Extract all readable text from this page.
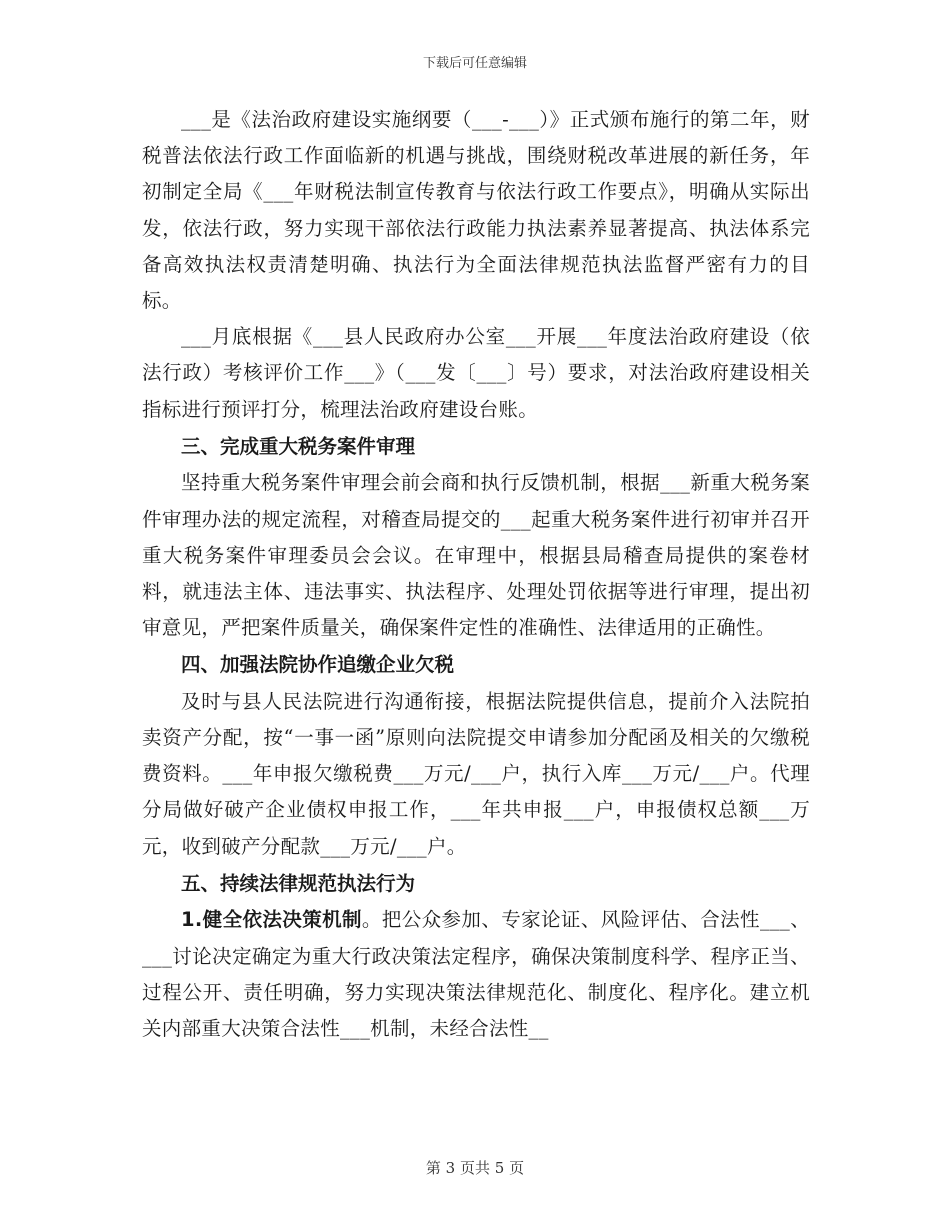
下载后可任意编辑

___是《法治政府建设实施纲要（___-___）》正式颁布施行的第二年，财税普法依法行政工作面临新的机遇与挑战，围绕财税改革进展的新任务，年初制定全局《___年财税法制宣传教育与依法行政工作要点》，明确从实际出发，依法行政，努力实现干部依法行政能力执法素养显著提高、执法体系完备高效执法权责清楚明确、执法行为全面法律规范执法监督严密有力的目标。

___月底根据《___县人民政府办公室___开展___年度法治政府建设（依法行政）考核评价工作___》（___发〔___〕号）要求，对法治政府建设相关指标进行预评打分，梳理法治政府建设台账。

三、完成重大税务案件审理

坚持重大税务案件审理会前会商和执行反馈机制，根据___新重大税务案件审理办法的规定流程，对稽查局提交的___起重大税务案件进行初审并召开重大税务案件审理委员会会议。在审理中，根据县局稽查局提供的案卷材料，就违法主体、违法事实、执法程序、处理处罚依据等进行审理，提出初审意见，严把案件质量关，确保案件定性的准确性、法律适用的正确性。

四、加强法院协作追缴企业欠税

及时与县人民法院进行沟通衔接，根据法院提供信息，提前介入法院拍卖资产分配，按“一事一函”原则向法院提交申请参加分配函及相关的欠缴税费资料。___年申报欠缴税费___万元/___户，执行入库___万元/___户。代理分局做好破产企业债权申报工作，___年共申报___户，申报债权总额___万元，收到破产分配款___万元/___户。

五、持续法律规范执法行为

1.健全依法决策机制。把公众参加、专家论证、风险评估、合法性___、___讨论决定确定为重大行政决策法定程序，确保决策制度科学、程序正当、过程公开、责任明确，努力实现决策法律规范化、制度化、程序化。建立机关内部重大决策合法性___机制，未经合法性__

第 3 页共 5 页
